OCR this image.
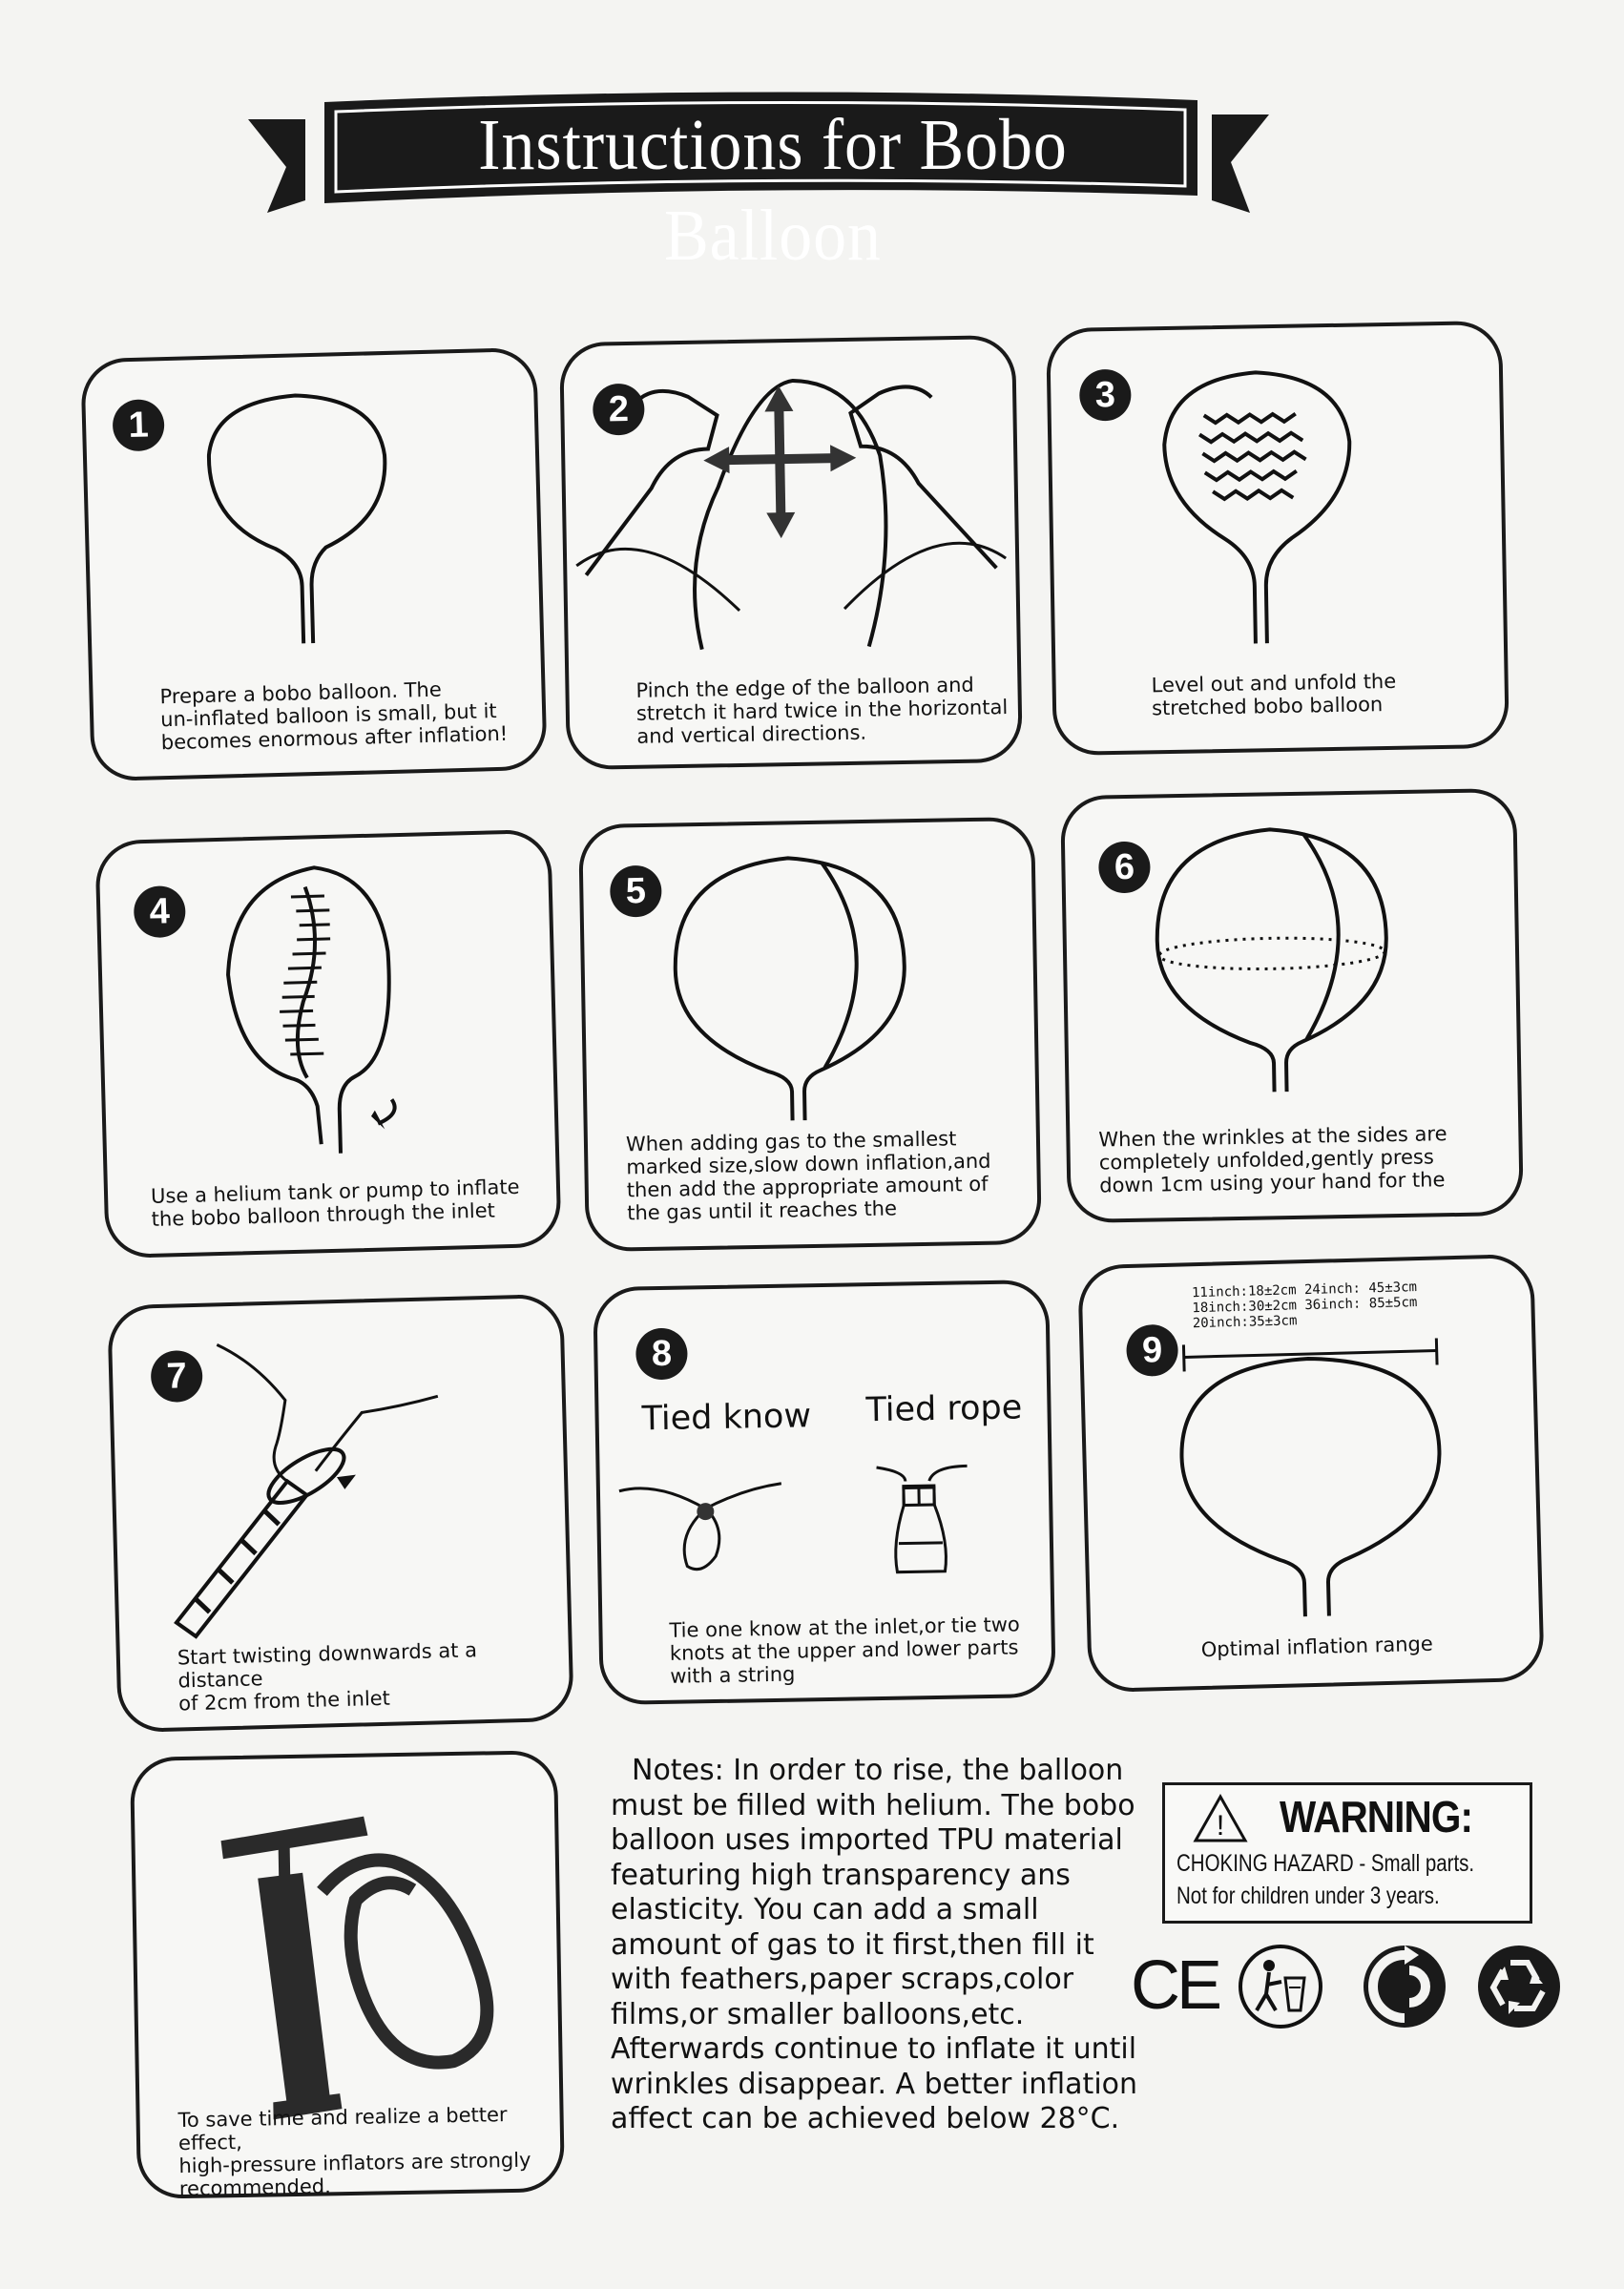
Instructions for Bobo Balloon
1
Prepare a bobo balloon. The
un-inflated balloon is small, but it
becomes enormous after inflation!
2
Pinch the edge of the balloon and
stretch it hard twice in the horizontal
and vertical directions.
3
Level out and unfold the
stretched bobo balloon
4
Use a helium tank or pump to inflate
the bobo balloon through the inlet
5
When adding gas to the smallest
marked size,slow down inflation,and
then add the appropriate amount of
the gas until it reaches the
6
When the wrinkles at the sides are
completely unfolded,gently press
down 1cm using your hand for the
7
Start twisting downwards at a
distance
of 2cm from the inlet
8
Tied know Tied rope
Tie one know at the inlet,or tie two
knots at the upper and lower parts
with a string
9
11inch:18±2cm 24inch: 45±3cm
18inch:30±2cm 36inch: 85±5cm
20inch:35±3cm
Optimal inflation range
To save time and realize a better
effect,
high-pressure inflators are strongly
recommended.
Notes: In order to rise, the balloon must be filled with helium. The bobo balloon uses imported TPU material featuring high transparency ans elasticity. You can add a small amount of gas to it first,then fill it with feathers,paper scraps,color films,or smaller balloons,etc. Afterwards continue to inflate it until wrinkles disappear. A better inflation affect can be achieved below 28°C.
! WARNING:
CHOKING HAZARD - Small parts.
Not for children under 3 years.
CE
